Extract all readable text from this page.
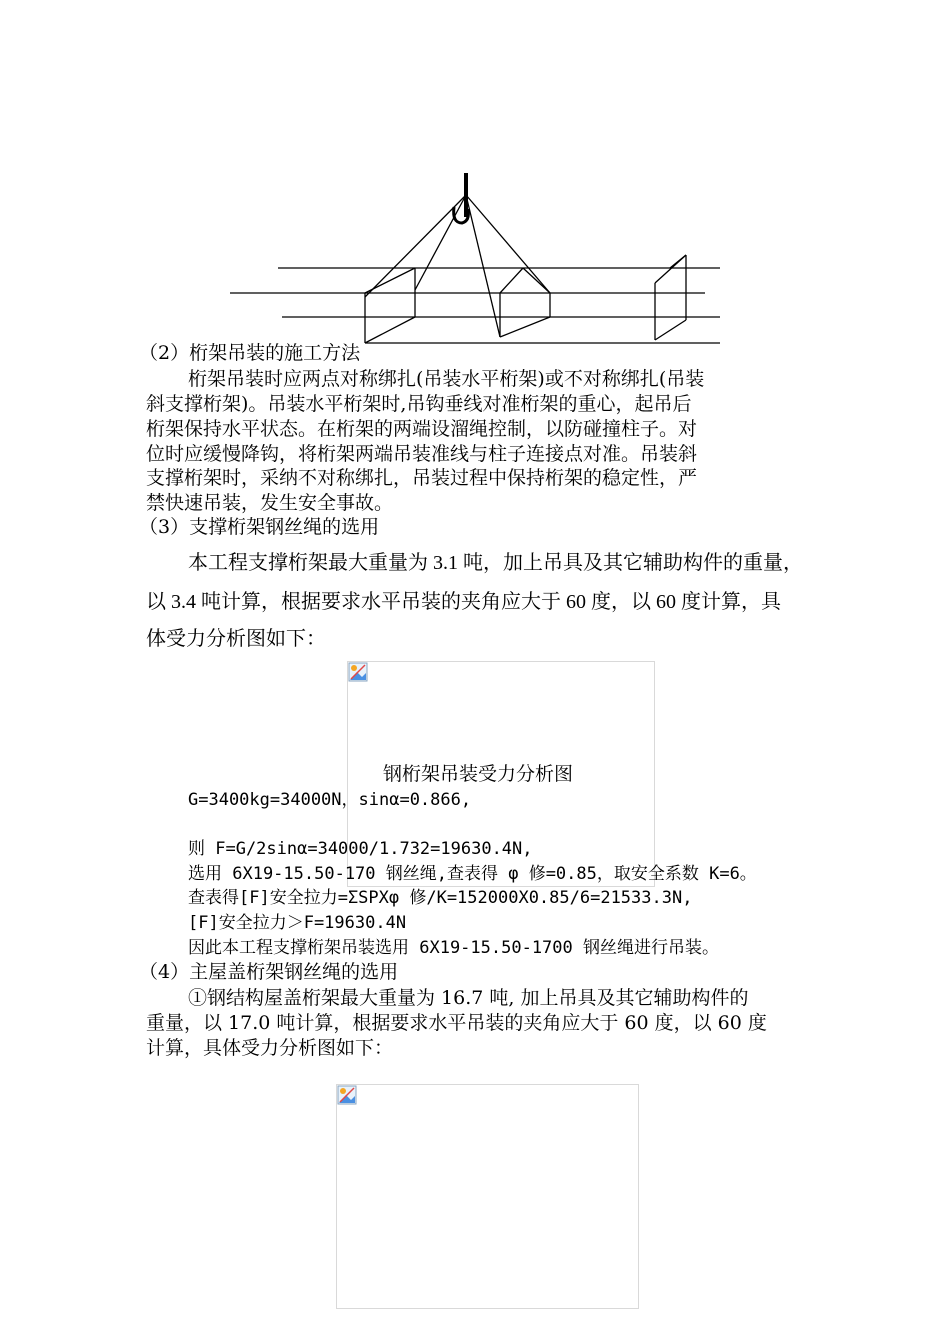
（2）桁架吊装的施工方法
桁架吊装时应两点对称绑扎(吊装水平桁架)或不对称绑扎(吊装
斜支撑桁架)。吊装水平桁架时,吊钩垂线对准桁架的重心，起吊后
桁架保持水平状态。在桁架的两端设溜绳控制，以防碰撞柱子。对
位时应缓慢降钩，将桁架两端吊装准线与柱子连接点对准。吊装斜
支撑桁架时，采纳不对称绑扎，吊装过程中保持桁架的稳定性，严
禁快速吊装，发生安全事故。
（3）支撑桁架钢丝绳的选用
本工程支撑桁架最大重量为 3.1 吨，加上吊具及其它辅助构件的重量，
以 3.4 吨计算，根据要求水平吊装的夹角应大于 60 度，以 60 度计算，具
体受力分析图如下：
钢桁架吊装受力分析图
G=3400kg=34000N，sinα=0.866,
则 F=G/2sinα=34000/1.732=19630.4N,
选用 6X19-15.50-170 钢丝绳,查表得 φ 修=0.85，取安全系数 K=6。
查表得[F]安全拉力=ΣSPXφ 修/K=152000X0.85/6=21533.3N,
[F]安全拉力＞F=19630.4N
因此本工程支撑桁架吊装选用 6X19-15.50-1700 钢丝绳进行吊装。
（4）主屋盖桁架钢丝绳的选用
①钢结构屋盖桁架最大重量为 16.7 吨, 加上吊具及其它辅助构件的
重量，以 17.0 吨计算，根据要求水平吊装的夹角应大于 60 度，以 60 度
计算，具体受力分析图如下：
